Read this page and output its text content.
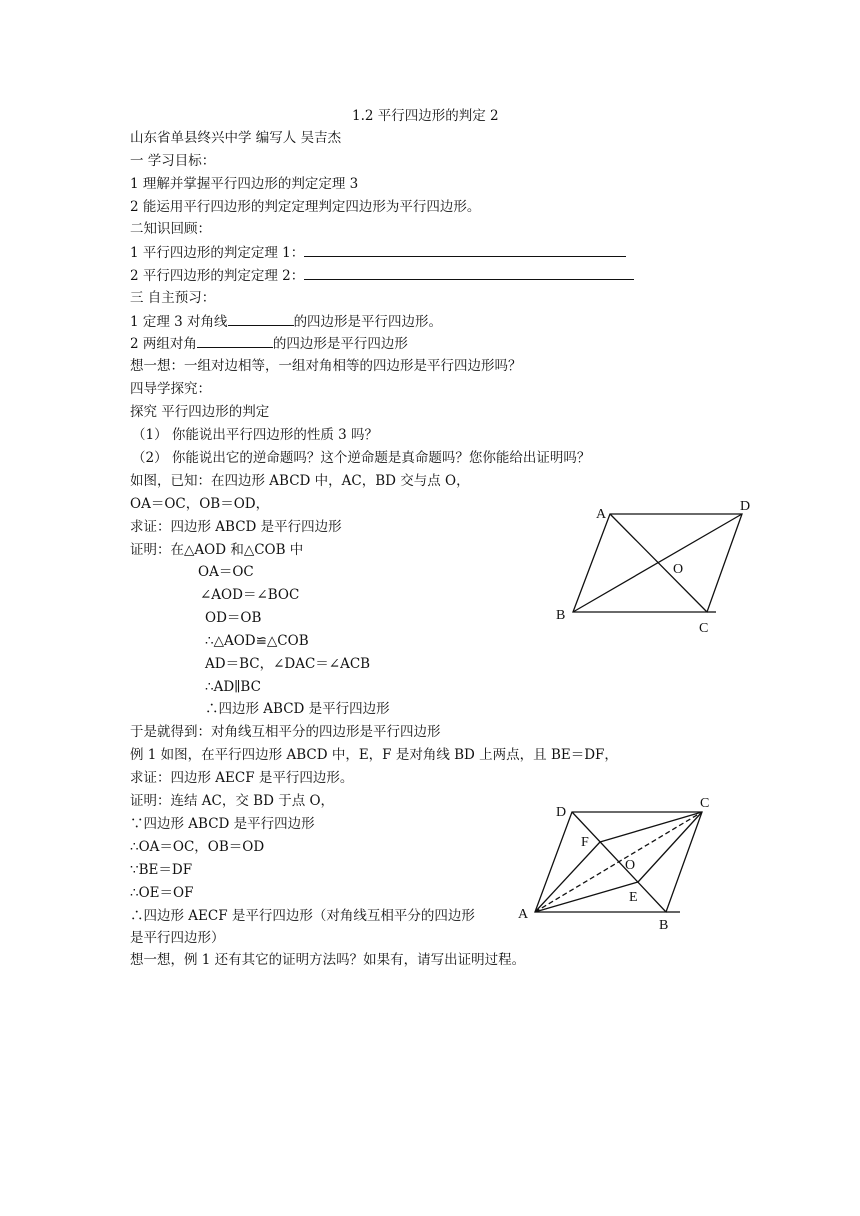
1.2 平行四边形的判定 2
山东省单县终兴中学 编写人 吴吉杰
一 学习目标：
1 理解并掌握平行四边形的判定定理 3
2 能运用平行四边形的判定定理判定四边形为平行四边形。
二知识回顾：
1 平行四边形的判定定理 1：
2 平行四边形的判定定理 2：
三 自主预习：
1 定理 3 对角线	的四边形是平行四边形。
2 两组对角	的四边形是平行四边形
想一想：一组对边相等，一组对角相等的四边形是平行四边形吗？
四导学探究：
探究 平行四边形的判定
（1） 你能说出平行四边形的性质 3 吗？
（2） 你能说出它的逆命题吗？这个逆命题是真命题吗？您你能给出证明吗？
如图，已知：在四边形 ABCD 中，AC，BD 交与点 O，
OA＝OC，OB＝OD，
求证：四边形 ABCD 是平行四边形
证明：在△AOD 和△COB 中
OA＝OC
∠AOD＝∠BOC
OD＝OB
∴△AOD≌△COB
AD＝BC，∠DAC＝∠ACB
∴AD∥BC
∴四边形 ABCD 是平行四边形
于是就得到：对角线互相平分的四边形是平行四边形
例 1 如图，在平行四边形 ABCD 中，E，F 是对角线 BD 上两点，且 BE＝DF，
求证：四边形 AECF 是平行四边形。
证明：连结 AC，交 BD 于点 O，
∵四边形 ABCD 是平行四边形
∴OA＝OC，OB＝OD
∵BE＝DF
∴OE＝OF
∴四边形 AECF 是平行四边形（对角线互相平分的四边形
是平行四边形）
想一想，例 1 还有其它的证明方法吗？如果有，请写出证明过程。
A
D
O
B
C
D
C
F
O
E
A
B
